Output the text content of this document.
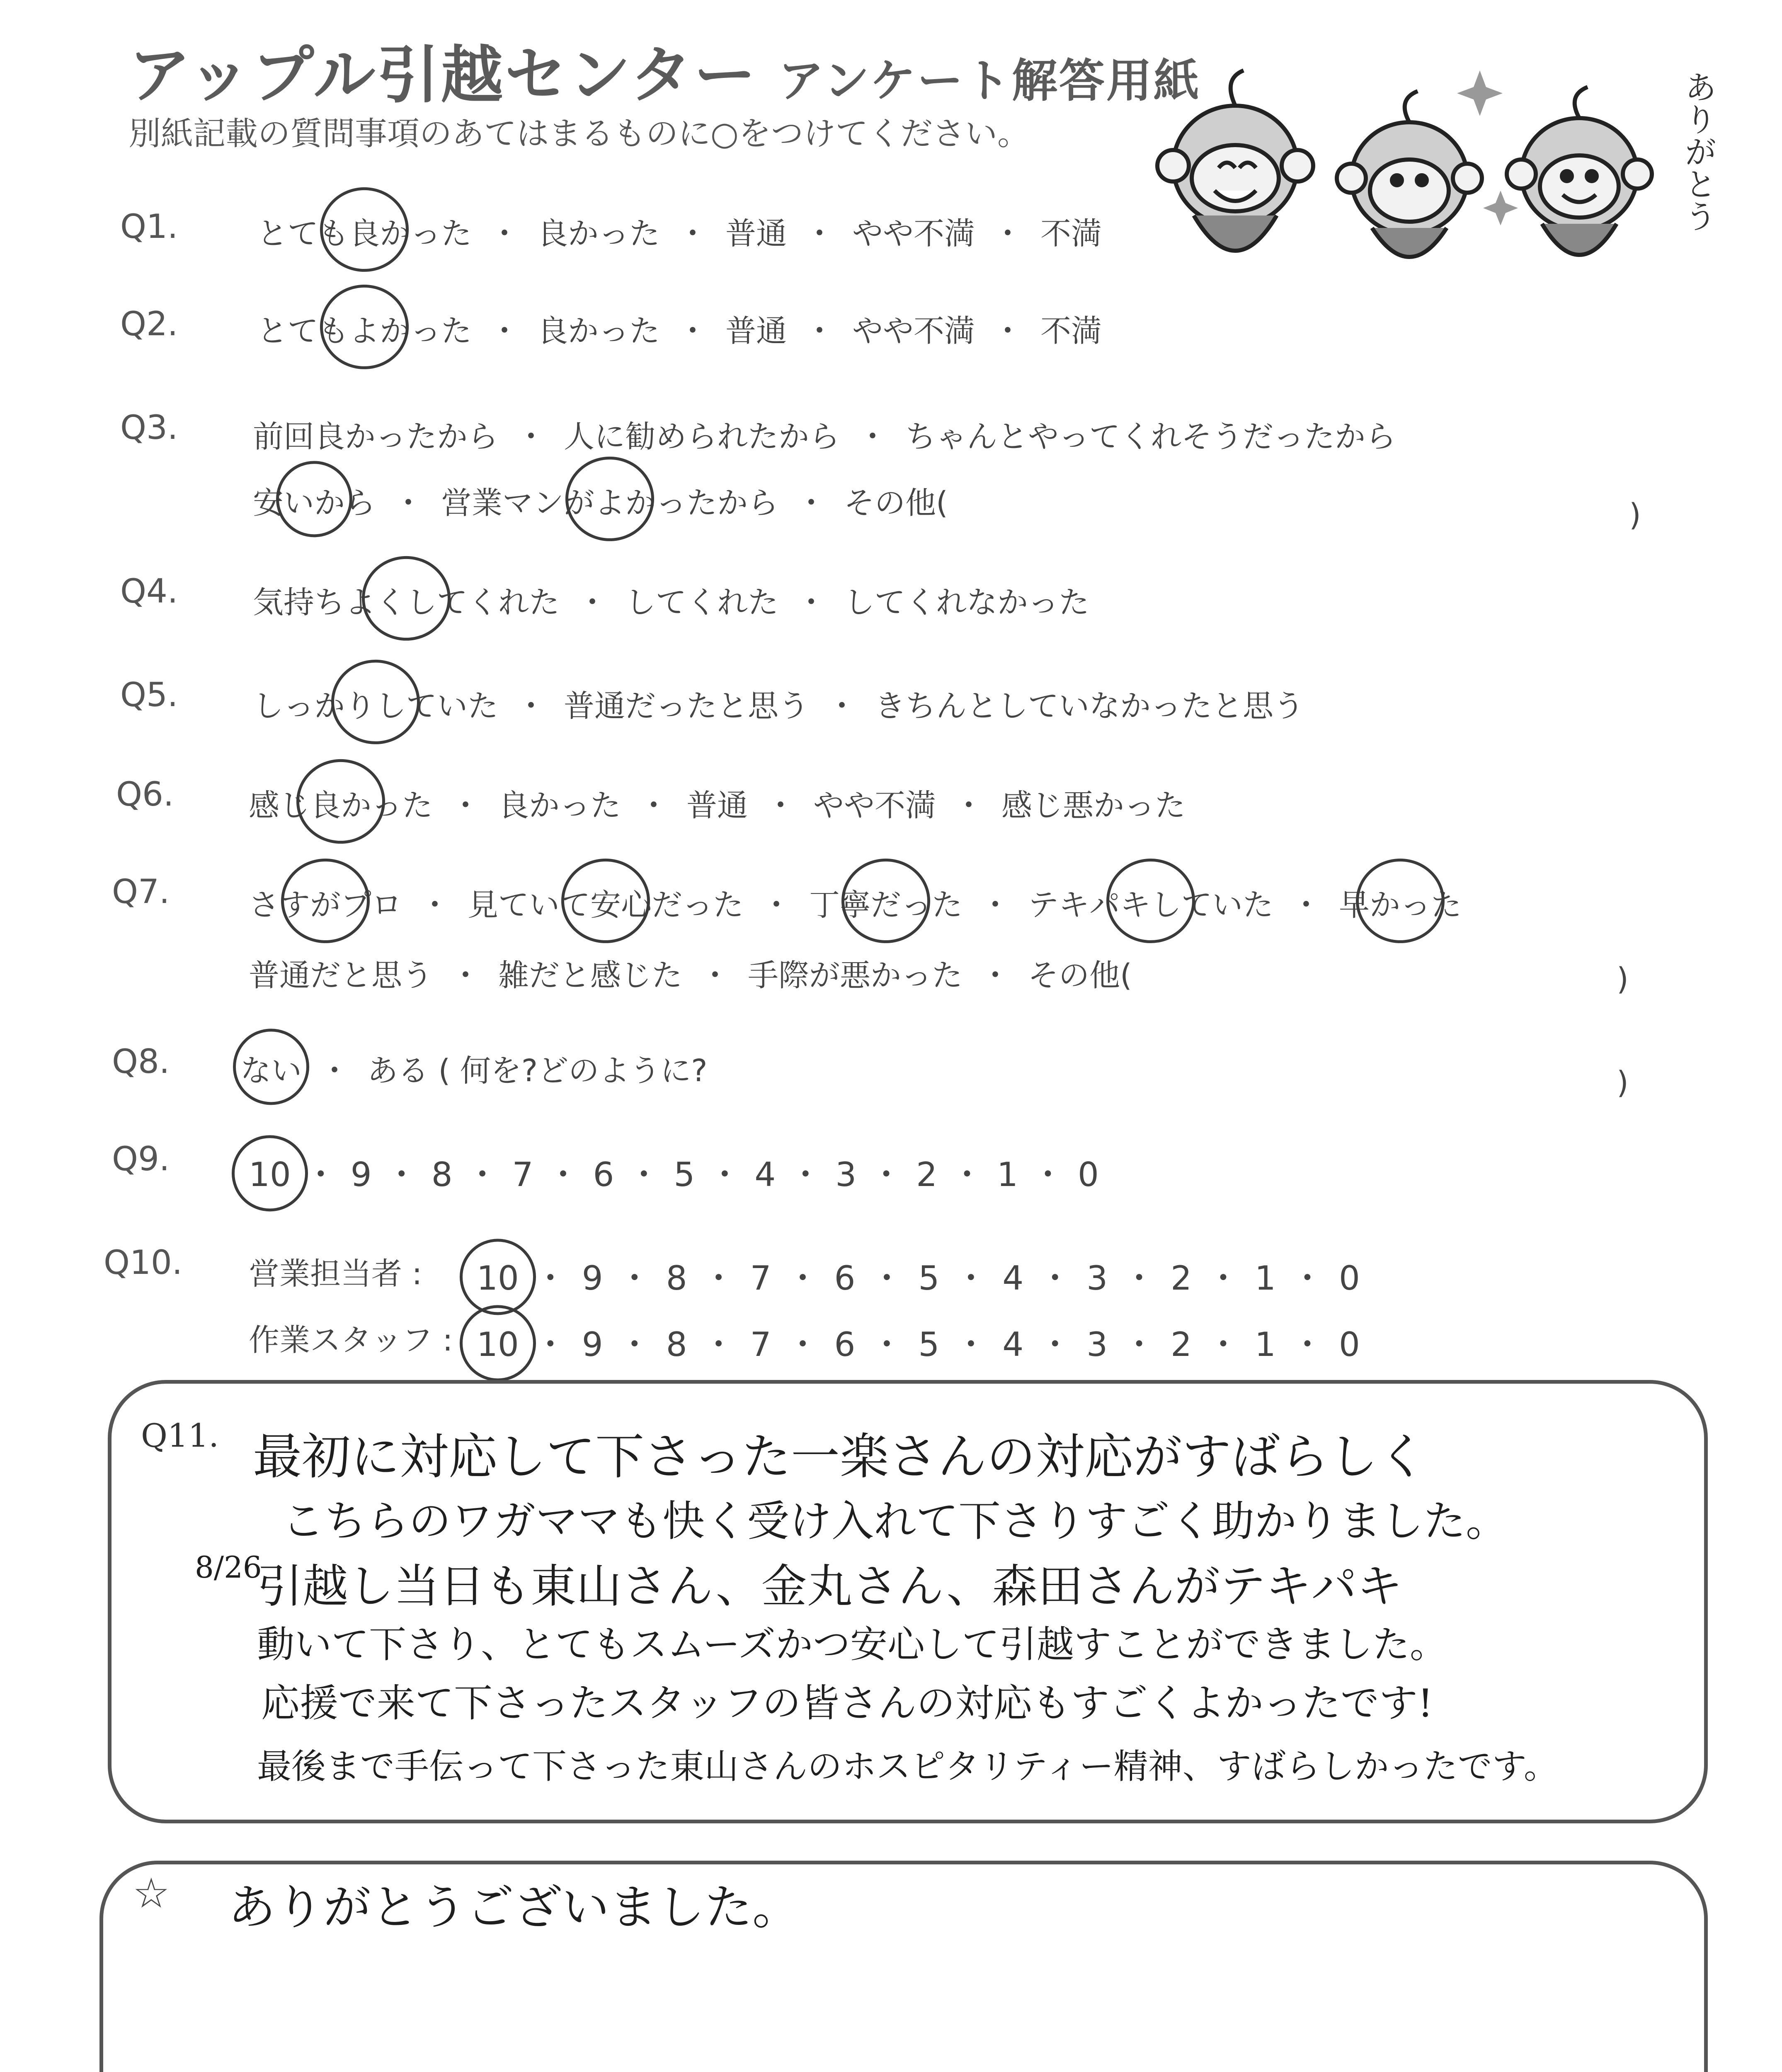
アップル引越センター アンケート解答用紙
別紙記載の質問事項のあてはまるものに○をつけてください。	ありがとう
Q1.	とても良かった ・ 良かった ・ 普通 ・ やや不満 ・ 不満
Q2.	とてもよかった ・ 良かった ・ 普通 ・ やや不満 ・ 不満
Q3. 前回良かったから ・ 人に勧められたから ・ ちゃんとやってくれそうだったから
安いから ・ 営業マンがよかったから ・ その他(	)
Q4. 気持ちよくしてくれた ・ してくれた ・ してくれなかった
Q5. しっかりしていた ・ 普通だったと思う ・ きちんとしていなかったと思う
Q6. 感じ良かった ・ 良かった ・ 普通 ・ やや不満 ・ 感じ悪かった
Q7.	さすがプロ ・ 見ていて安心だった ・ 丁寧だった ・ テキパキしていた ・ 早かった
普通だと思う ・ 雑だと感じた ・ 手際が悪かった ・ その他(	)
Q8. ない ・ ある ( 何を?どのように?	)
Q9. 10 ・ 9 ・ 8 ・ 7 ・ 6 ・ 5 ・ 4 ・ 3 ・ 2 ・ 1 ・ 0
Q10. 営業担当者 : 10 ・ 9 ・ 8 ・ 7 ・ 6 ・ 5 ・ 4 ・ 3 ・ 2 ・ 1 ・ 0
作業スタッフ : 10 ・ 9 ・ 8 ・ 7 ・ 6 ・ 5 ・ 4 ・ 3 ・ 2 ・ 1 ・ 0
Q11. 最初に対応して下さった一楽さんの対応がすばらしく
こちらのワガママも快く受け入れて下さりすごく助かりました。
8/26
引越し当日も東山さん、金丸さん、森田さんがテキパキ
動いて下さり、とてもスムーズかつ安心して引越すことができました。
応援で来て下さったスタッフの皆さんの対応もすごくよかったです!
最後まで手伝って下さった東山さんのホスピタリティー精神、すばらしかったです。
☆ ありがとうございました。
